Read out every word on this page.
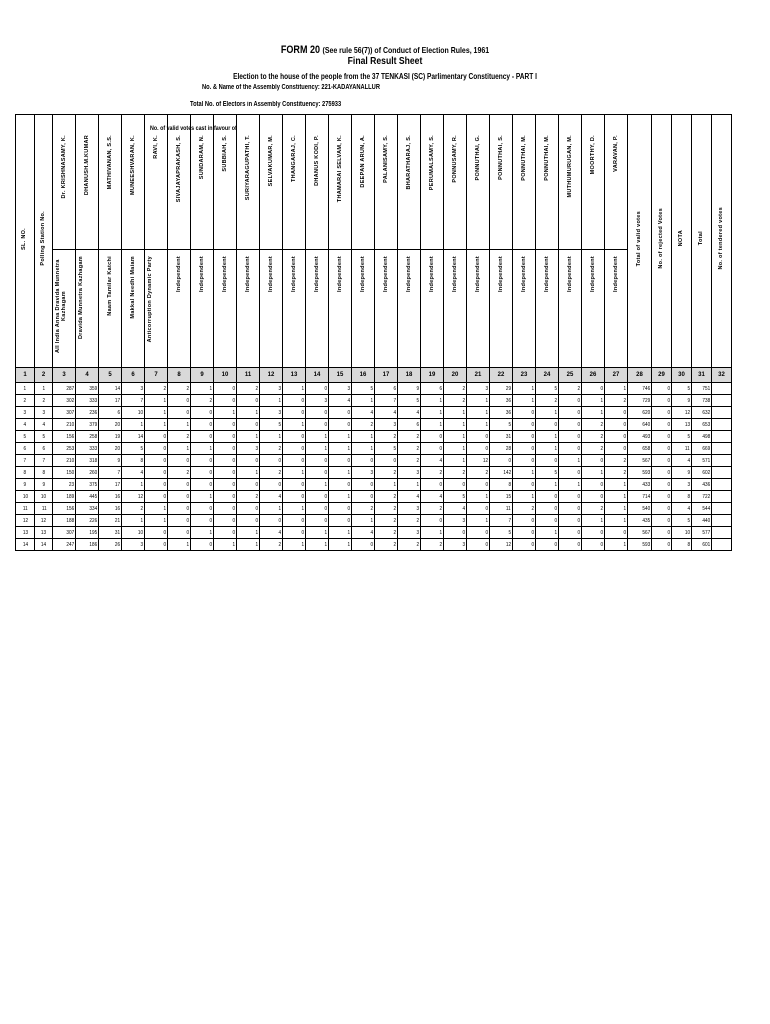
FORM 20 (See rule 56(7)) of Conduct of Election Rules, 1961
Final Result Sheet
Election to the house of the people from the 37 TENKASI (SC) Parlimentary Constituency - PART I
No. & Name of the Assembly Constituency: 221-KADAYANALLUR
Total No. of Electors in Assembly Constituency: 275933
SL. NO.	Polling Station No.	Dr. KRISHNASAMY, K.	DHANUSH.M.KUMAR	MATHIVANAN, S.S.	MUNEESHVARAN, K.	RAVI, K.	SIVAJAYAPRAKASH, S.	SUNDARAM, N.	SUBBIAH, S.	SURIYARAGUPATHI, T.	SELVAKUMAR, M.	THANGARAJ, C.	DHANUS KODI, P.	THAMARAI SELVAM, K.	DEEPAN ARUN, A.	PALANISAMY, S.	BHARATHARAJ, S.	PERUMALSAMY, S.	PONNUSAMY, R.	PONNUTHAI, G.	PONNUTHAI, S.	PONNUTHAI, M.	PONNUTHAI, M.	MUTHUMURUGAN, M.	MOORTHY, D.	VARAVAN, P.	Total of valid votes	No. of rejected Votes	NOTA	Total	No. of tendered votes
		All India Anna Dravida Munnetra Kazhagam	Dravida Munnetra Kazhagam	Naam Tamilar Katchi	Makkal Needhi Maiam	Anticorruption Dynamic Party	Independent	Independent	Independent	Independent	Independent	Independent	Independent	Independent	Independent	Independent	Independent	Independent	Independent	Independent	Independent	Independent	Independent	Independent	Independent	Independent					
1	2	3	4	5	6	7	8	9	10	11	12	13	14	15	16	17	18	19	20	21	22	23	24	25	26	27	28	29	30	31	32
1	1	287	359	14	3	2	2	1	0	2	3	1	0	3	5	6	9	6	2	3	29	1	5	2	0	1	746	0	5	751	
2	2	302	333	17	7	1	0	2	0	0	1	0	3	4	1	7	5	1	2	1	36	1	2	0	1	2	729	0	9	738	
3	3	307	236	6	10	1	0	0	1	1	3	0	0	0	4	4	4	1	1	1	36	0	1	0	1	0	620	0	12	632	
4	4	210	379	20	1	1	1	0	0	0	5	1	0	0	2	3	6	1	1	1	5	0	0	0	2	0	640	0	13	653	
5	5	156	258	19	14	0	2	0	0	1	1	0	1	1	1	2	2	0	1	0	31	0	1	0	2	0	493	0	5	498	
6	6	253	333	20	5	0	1	1	0	3	2	0	1	1	1	5	2	0	1	0	28	0	1	0	2	0	658	0	11	669	
7	7	210	318	9	8	0	0	0	0	0	0	0	0	0	0	0	2	4	1	12	0	0	0	1	0	2	567	0	4	571	
8	8	150	260	7	4	0	2	0	0	1	2	1	0	1	3	2	3	2	2	2	142	1	5	0	1	2	593	0	9	602	
9	9	23	375	17	1	0	0	0	0	0	0	0	1	0	0	1	1	0	0	0	8	0	1	1	0	1	433	0	3	436	
10	10	189	445	16	12	0	0	1	0	2	4	0	0	1	0	2	4	4	5	1	15	1	0	0	0	1	714	0	8	722	
11	11	156	334	16	2	1	0	0	0	0	1	1	0	0	2	2	3	2	4	0	11	2	0	0	2	1	540	0	4	544	
12	12	188	226	21	1	1	0	0	0	0	0	0	0	0	1	2	2	0	3	1	7	0	0	0	1	1	435	0	5	440	
13	13	307	195	31	10	0	0	1	0	1	4	0	1	1	4	2	3	1	0	0	5	0	1	0	0	0	567	0	10	577	
14	14	247	186	26	3	0	1	0	1	1	2	1	1	1	0	2	2	2	3	0	12	0	0	0	0	1	593	0	8	601	
No. of valid votes cast in favour of
